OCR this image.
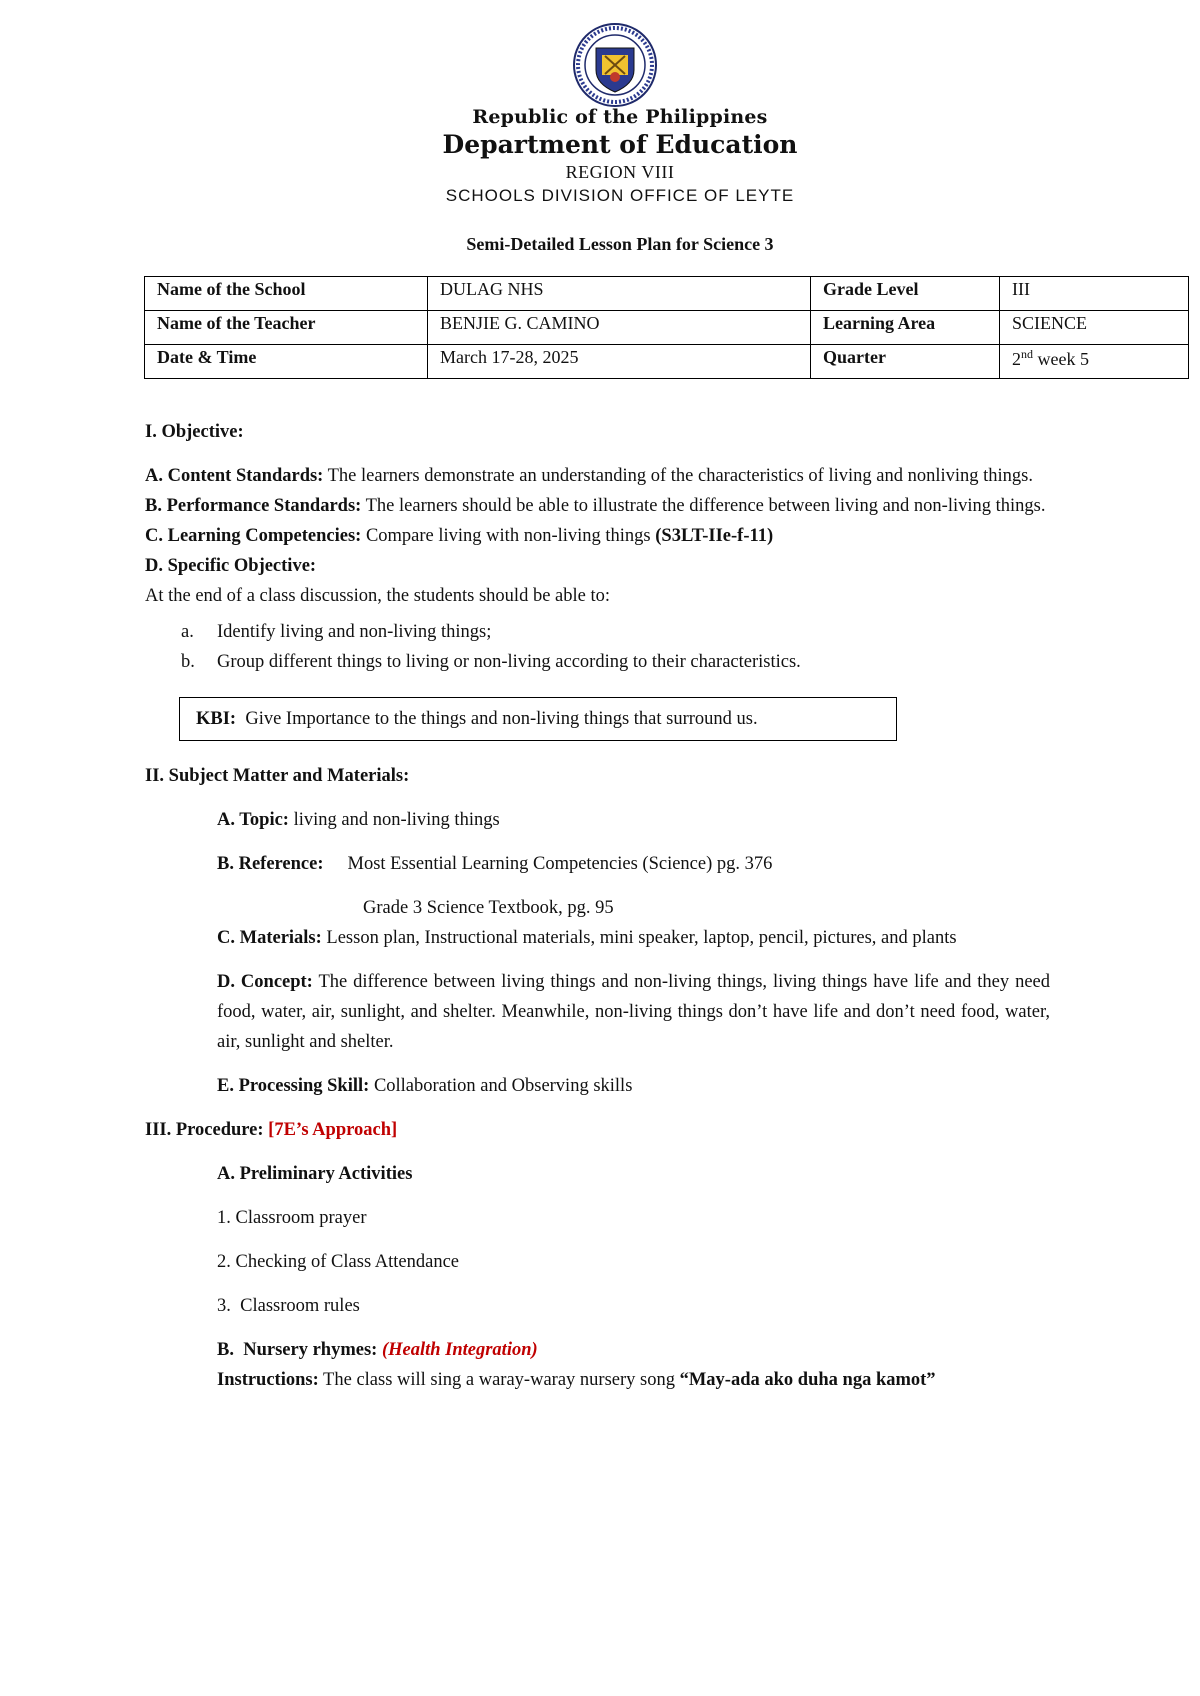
Republic of the Philippines
Department of Education
REGION VIII
SCHOOLS DIVISION OFFICE OF LEYTE
Semi-Detailed Lesson Plan for Science 3
Name of the School	DULAG NHS	Grade Level	III
Name of the Teacher	BENJIE G. CAMINO	Learning Area	SCIENCE
Date & Time	March 17-28, 2025	Quarter	2nd week 5
I. Objective:
A. Content Standards: The learners demonstrate an understanding of the characteristics of living and nonliving things.
B. Performance Standards: The learners should be able to illustrate the difference between living and non-living things.
C. Learning Competencies: Compare living with non-living things (S3LT-IIe-f-11)
D. Specific Objective:
At the end of a class discussion, the students should be able to:
a. Identify living and non-living things;
b. Group different things to living or non-living according to their characteristics.
KBI:  Give Importance to the things and non-living things that surround us.
II. Subject Matter and Materials:
A. Topic: living and non-living things
B. Reference: Most Essential Learning Competencies (Science) pg. 376
Grade 3 Science Textbook, pg. 95
C. Materials: Lesson plan, Instructional materials, mini speaker, laptop, pencil, pictures, and plants
D. Concept: The difference between living things and non-living things, living things have life and they need food, water, air, sunlight, and shelter. Meanwhile, non-living things don’t have life and don’t need food, water, air, sunlight and shelter.
E. Processing Skill: Collaboration and Observing skills
III. Procedure: [7E’s Approach]
A. Preliminary Activities
1. Classroom prayer
2. Checking of Class Attendance
3.  Classroom rules
B.  Nursery rhymes: (Health Integration)
Instructions: The class will sing a waray-waray nursery song “May-ada ako duha nga kamot”
